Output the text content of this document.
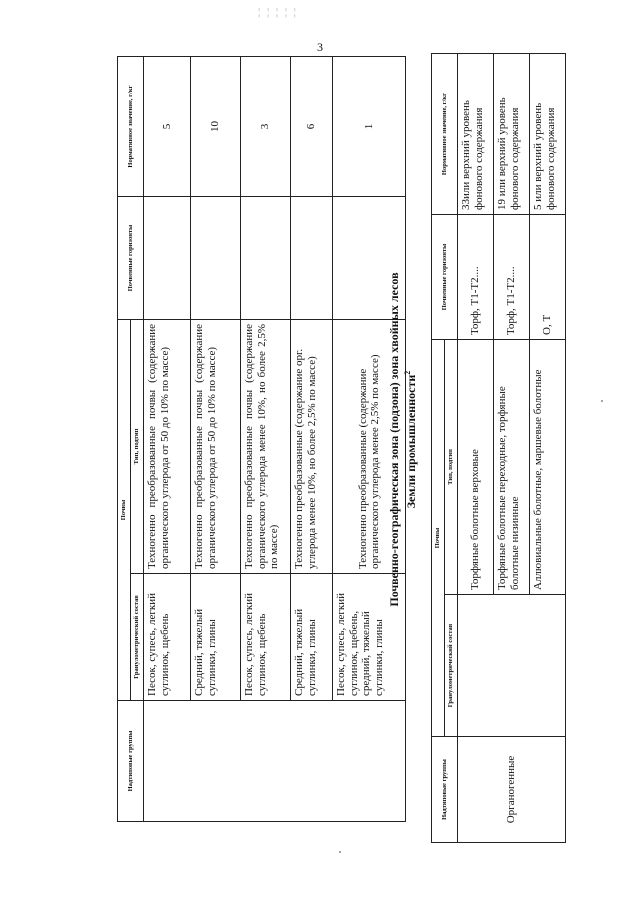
¦ ¦ ¦ ¦ ¦
3
Надтиповые группы	Почвы		Почвенные горизонты	Нормативное значение, г/кг
	Гранулометрический состав	Тип, подтип		
	Песок, супесь, легкий суглинок, щебень	Техногенно преобразованные почвы (содержание органического углерода от 50 до 10% по массе)		5
	Средний, тяжелый суглинки, глины	Техногенно преобразованные почвы (содержание органического углерода от 50 до 10% по массе)		10
	Песок, супесь, легкий суглинок, щебень	Техногенно преобразованные почвы (содержание органического углерода менее 10%, но более 2,5% по массе)		3
	Средний, тяжелый суглинки, глины	Техногенно преобразованные (содержание орг. углерода менее 10%, но более 2,5% по массе)		6
	Песок, супесь, легкий суглинок, щебень, средний, тяжелый суглинки, глины	Техногенно преобразованные (содержание органического углерода менее 2,5% по массе)		1
Почвенно-географическая зона (подзона) зона хвойных лесов Земли промышленности$^2$
Надтиповые группы	Почвы		Почвенные горизонты	Нормативное значение, г/кг
	Гранулометрический состав	Тип, подтип		
Органогенные		Торфяные болотные верховые	Торф, Т1-Т2....	33или верхний уровень фонового содержания
		Торфяные болотные переходные, торфяные болотные низинные	Торф, Т1-Т2....	19 или верхний уровень фонового содержания
		Аллювиальные болотные, маршевые болотные	О, Т	5 или верхний уровень фонового содержания
